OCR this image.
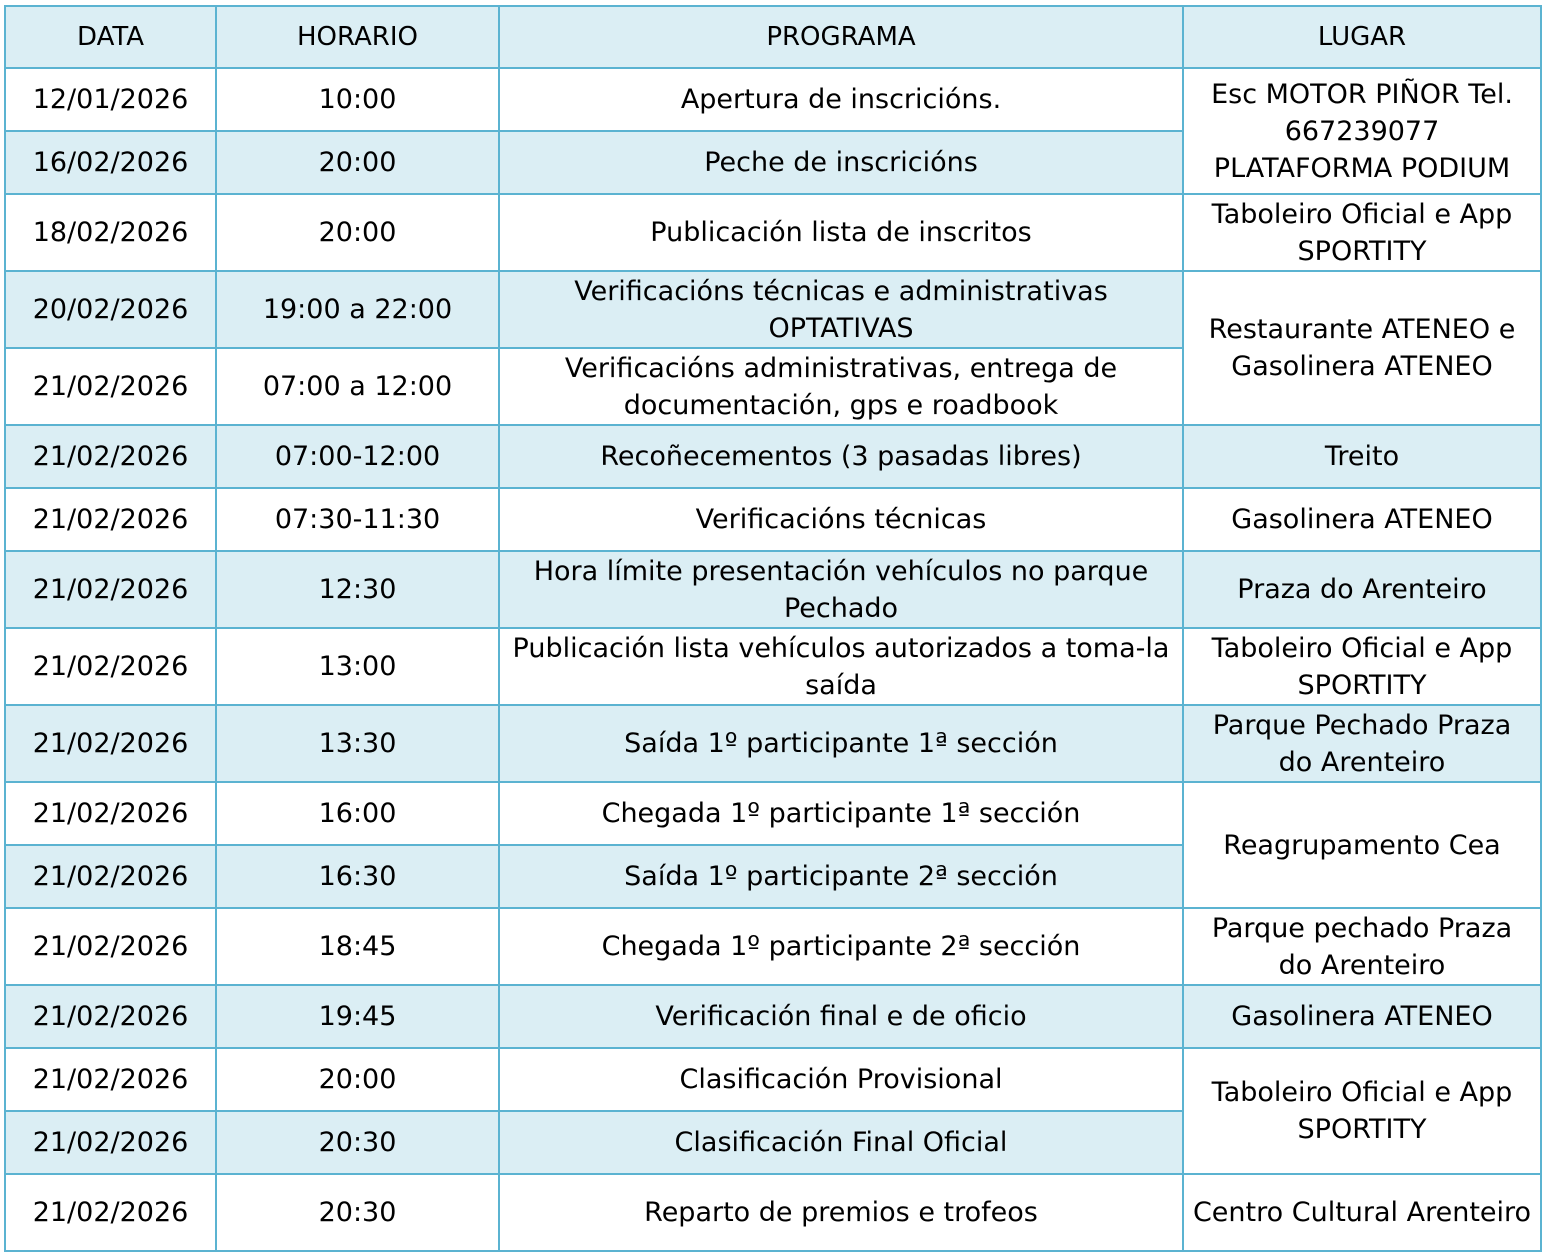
DATA	HORARIO	PROGRAMA	LUGAR
12/01/2026	10:00	Apertura de inscricións.	Esc MOTOR PIÑOR Tel. 667239077 PLATAFORMA PODIUM
16/02/2026	20:00	Peche de inscricións	
18/02/2026	20:00	Publicación lista de inscritos	Taboleiro Oficial e App SPORTITY
20/02/2026	19:00 a 22:00	Verificacións técnicas e administrativas OPTATIVAS	Restaurante ATENEO e Gasolinera ATENEO
21/02/2026	07:00 a 12:00	Verificacións administrativas, entrega de documentación, gps e roadbook	
21/02/2026	07:00-12:00	Recoñecementos (3 pasadas libres)	Treito
21/02/2026	07:30-11:30	Verificacións técnicas	Gasolinera ATENEO
21/02/2026	12:30	Hora límite presentación vehículos no parque Pechado	Praza do Arenteiro
21/02/2026	13:00	Publicación lista vehículos autorizados a toma-la saída	Taboleiro Oficial e App SPORTITY
21/02/2026	13:30	Saída 1º participante 1ª sección	Parque Pechado Praza do Arenteiro
21/02/2026	16:00	Chegada 1º participante 1ª sección	Reagrupamento Cea
21/02/2026	16:30	Saída 1º participante 2ª sección	
21/02/2026	18:45	Chegada 1º participante 2ª sección	Parque pechado Praza do Arenteiro
21/02/2026	19:45	Verificación final e de oficio	Gasolinera ATENEO
21/02/2026	20:00	Clasificación Provisional	Taboleiro Oficial e App SPORTITY
21/02/2026	20:30	Clasificación Final Oficial	
21/02/2026	20:30	Reparto de premios e trofeos	Centro Cultural Arenteiro
